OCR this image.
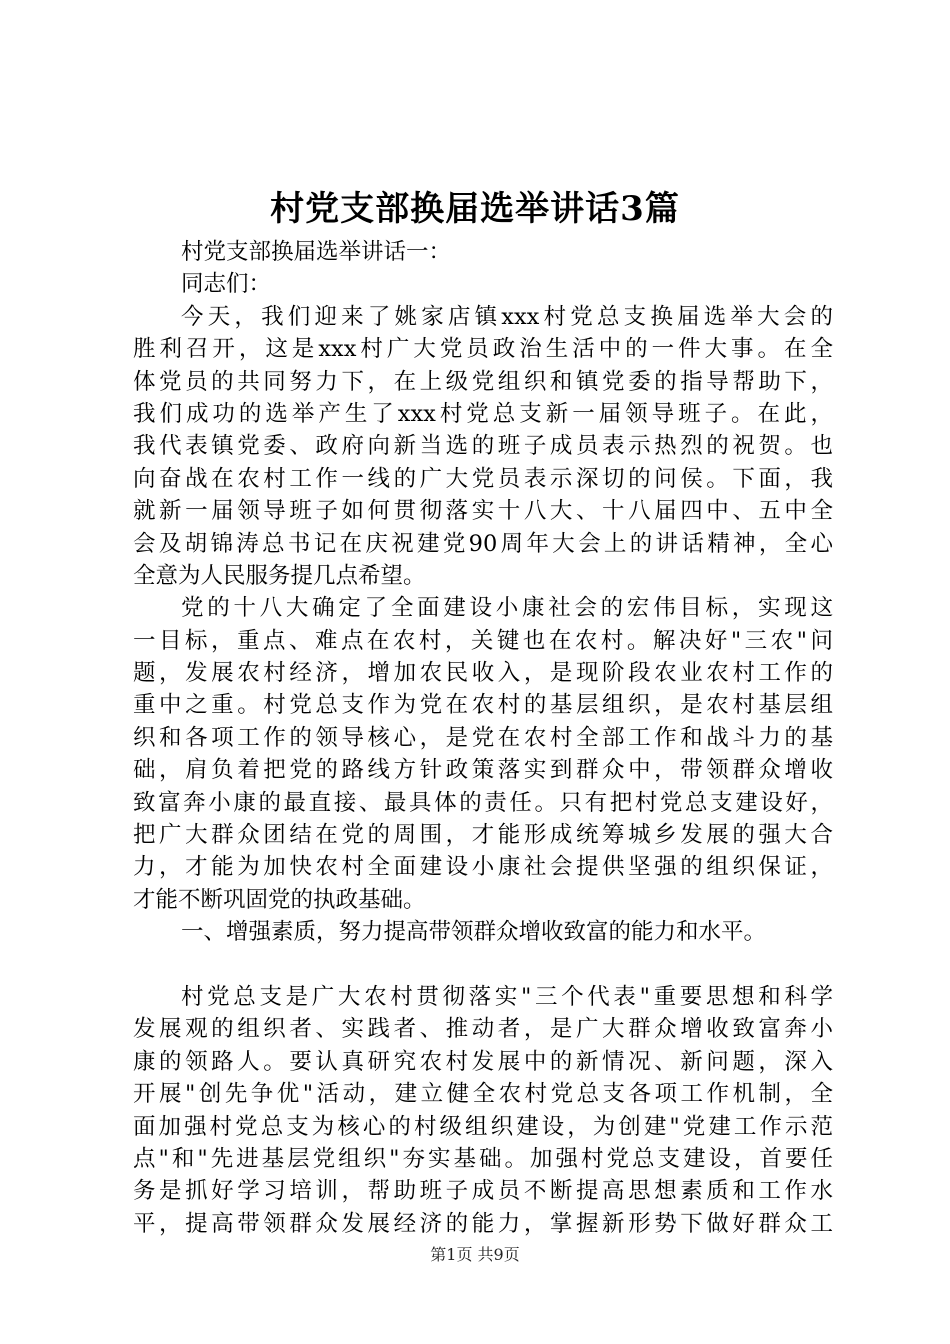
村党支部换届选举讲话3篇
村党支部换届选举讲话一：
同志们：
今天，我们迎来了姚家店镇xxx村党总支换届选举大会的
胜利召开，这是xxx村广大党员政治生活中的一件大事。在全
体党员的共同努力下，在上级党组织和镇党委的指导帮助下，
我们成功的选举产生了xxx村党总支新一届领导班子。在此，
我代表镇党委、政府向新当选的班子成员表示热烈的祝贺。也
向奋战在农村工作一线的广大党员表示深切的问侯。下面，我
就新一届领导班子如何贯彻落实十八大、十八届四中、五中全
会及胡锦涛总书记在庆祝建党90周年大会上的讲话精神，全心
全意为人民服务提几点希望。
党的十八大确定了全面建设小康社会的宏伟目标，实现这
一目标，重点、难点在农村，关键也在农村。解决好"三农"问
题，发展农村经济，增加农民收入，是现阶段农业农村工作的
重中之重。村党总支作为党在农村的基层组织，是农村基层组
织和各项工作的领导核心，是党在农村全部工作和战斗力的基
础，肩负着把党的路线方针政策落实到群众中，带领群众增收
致富奔小康的最直接、最具体的责任。只有把村党总支建设好，
把广大群众团结在党的周围，才能形成统筹城乡发展的强大合
力，才能为加快农村全面建设小康社会提供坚强的组织保证，
才能不断巩固党的执政基础。
一、增强素质，努力提高带领群众增收致富的能力和水平。
村党总支是广大农村贯彻落实"三个代表"重要思想和科学
发展观的组织者、实践者、推动者，是广大群众增收致富奔小
康的领路人。要认真研究农村发展中的新情况、新问题，深入
开展"创先争优"活动，建立健全农村党总支各项工作机制，全
面加强村党总支为核心的村级组织建设，为创建"党建工作示范
点"和"先进基层党组织"夯实基础。加强村党总支建设，首要任
务是抓好学习培训，帮助班子成员不断提高思想素质和工作水
平，提高带领群众发展经济的能力，掌握新形势下做好群众工
第1页 共9页
